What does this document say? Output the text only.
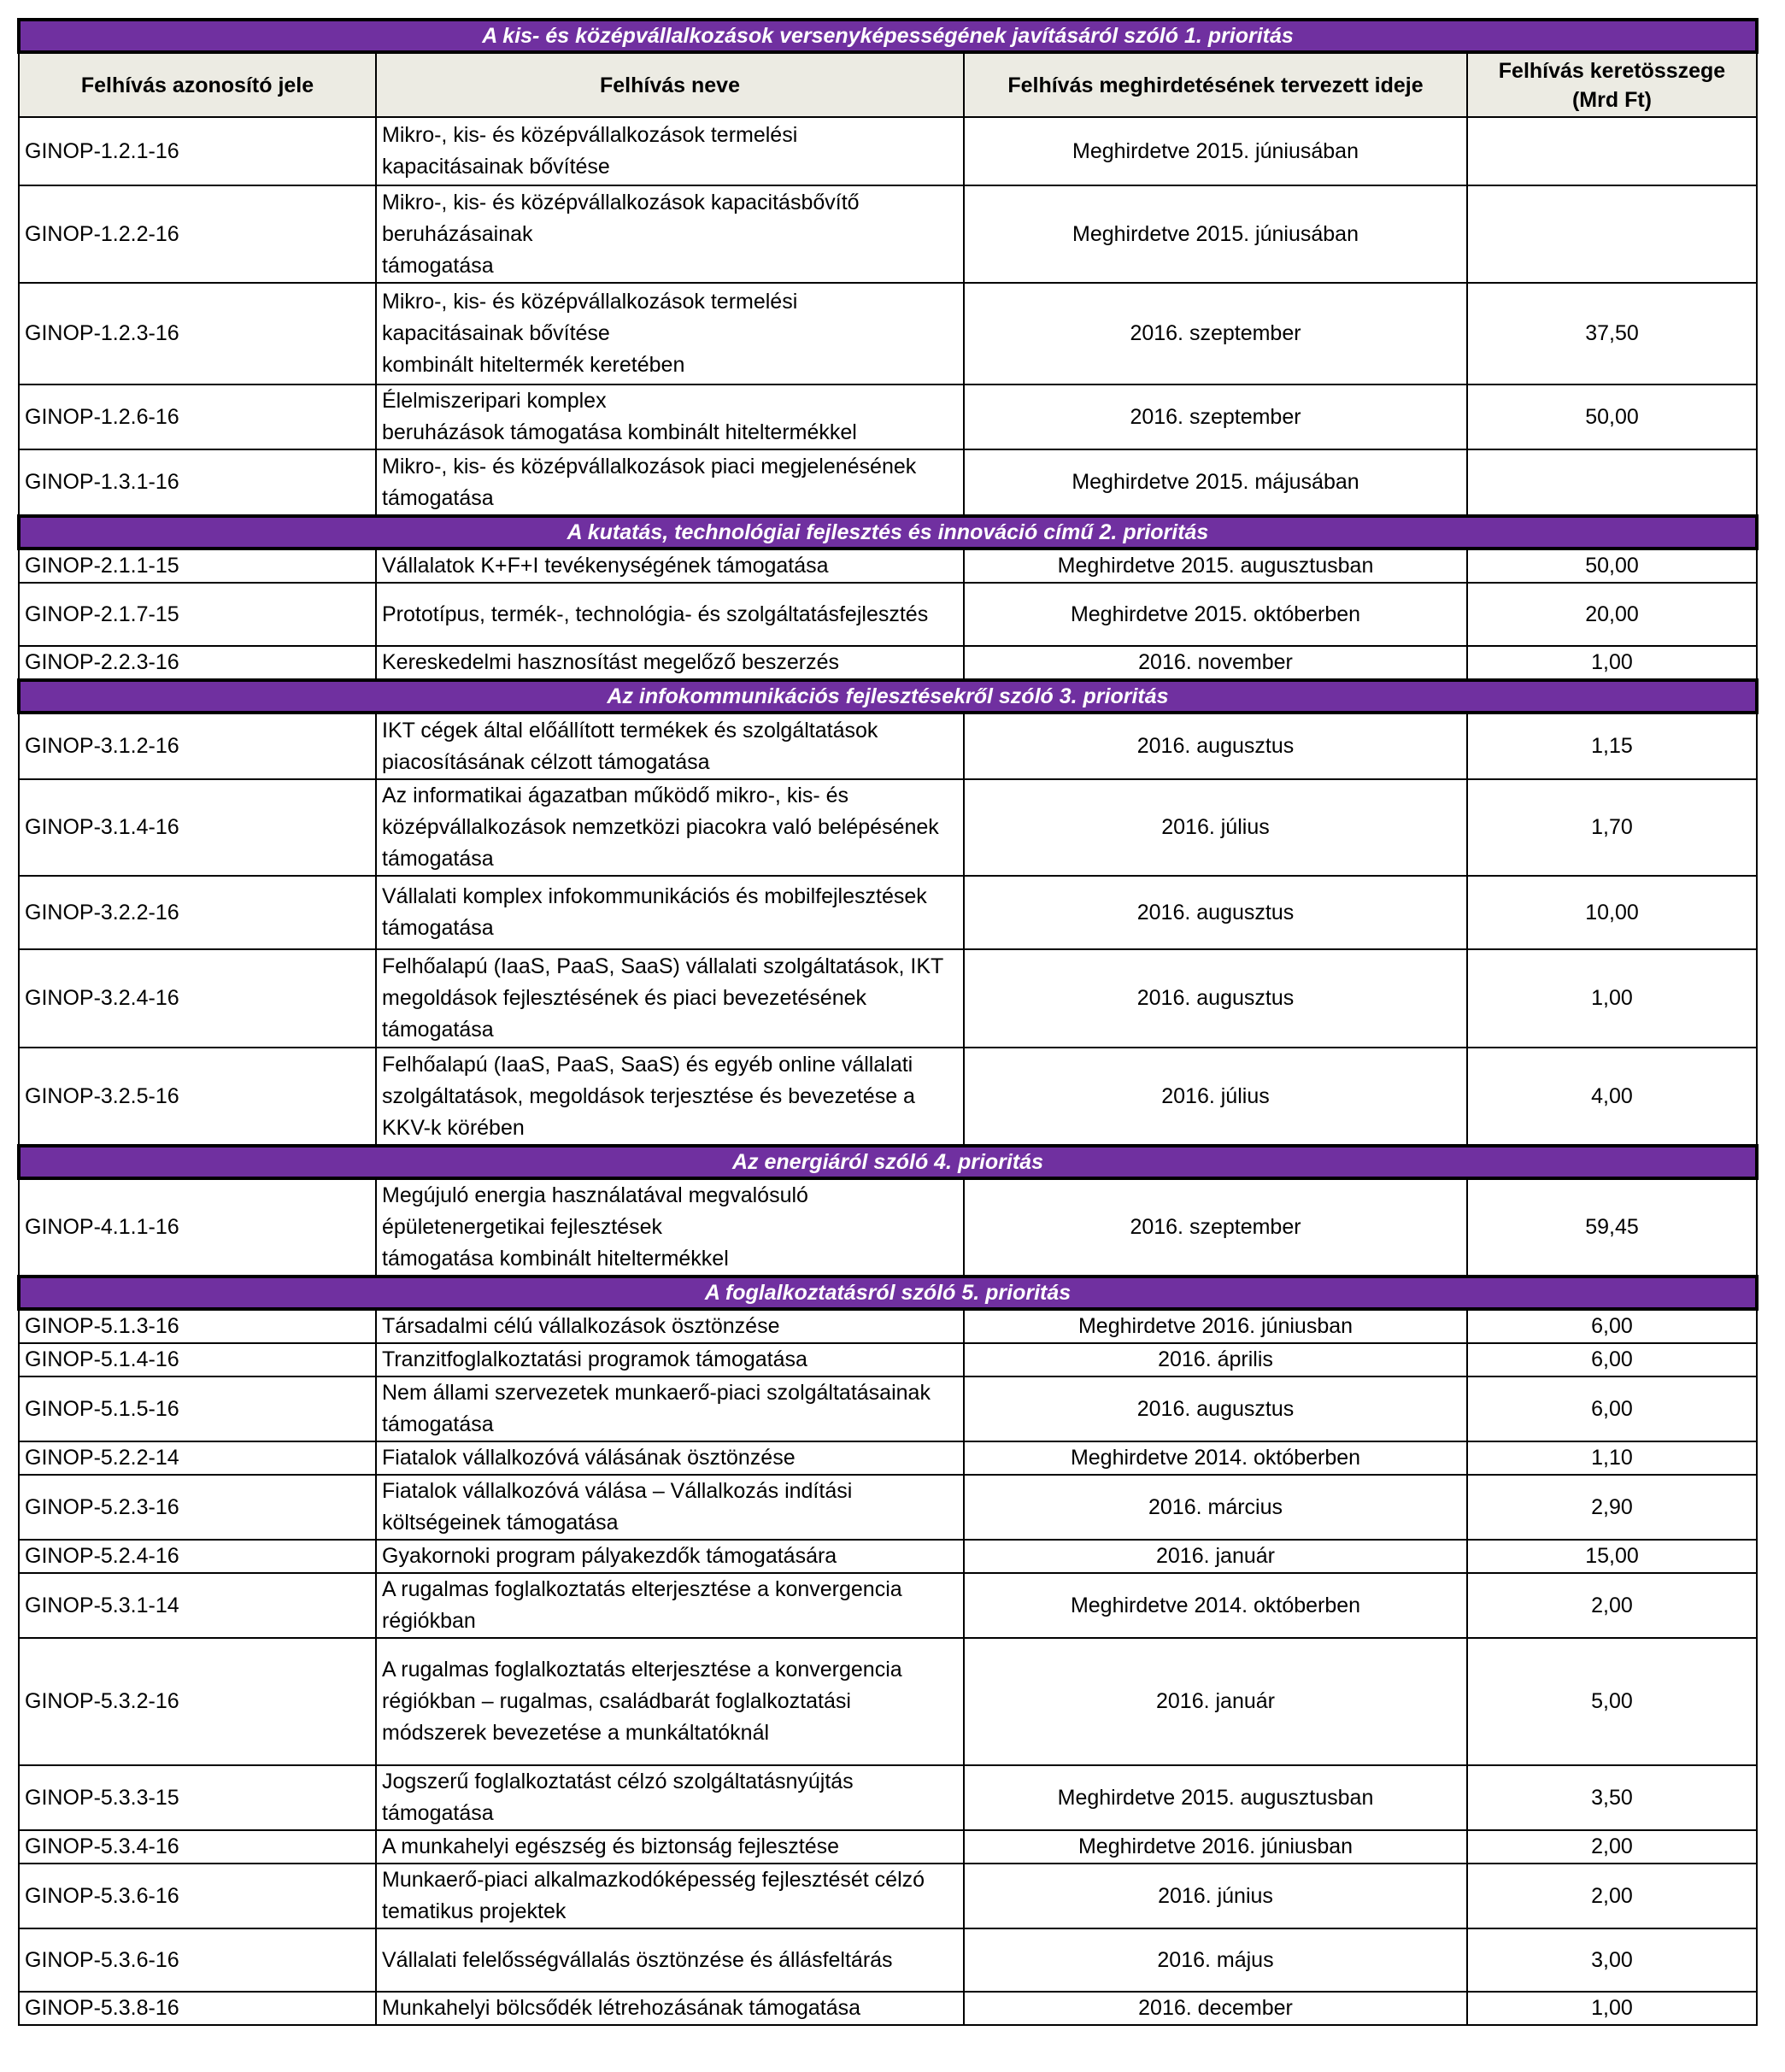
A kis- és középvállalkozások versenyképességének javításáról szóló 1. prioritás			
Felhívás azonosító jele	Felhívás neve	Felhívás meghirdetésének tervezett ideje	Felhívás keretösszege
(Mrd Ft)
GINOP-1.2.1-16	Mikro-, kis- és középvállalkozások termelési
kapacitásainak bővítése	Meghirdetve 2015. júniusában	
GINOP-1.2.2-16	Mikro-, kis- és középvállalkozások kapacitásbővítő
beruházásainak
támogatása	Meghirdetve 2015. júniusában	
GINOP-1.2.3-16	Mikro-, kis- és középvállalkozások termelési
kapacitásainak bővítése
kombinált hiteltermék keretében	2016. szeptember	37,50
GINOP-1.2.6-16	Élelmiszeripari komplex
beruházások támogatása kombinált hiteltermékkel	2016. szeptember	50,00
GINOP-1.3.1-16	Mikro-, kis- és középvállalkozások piaci megjelenésének
támogatása	Meghirdetve 2015. májusában	
A kutatás, technológiai fejlesztés és innováció című 2. prioritás			
GINOP-2.1.1-15	Vállalatok K+F+I tevékenységének támogatása	Meghirdetve 2015. augusztusban	50,00
GINOP-2.1.7-15	Prototípus, termék-, technológia- és szolgáltatásfejlesztés	Meghirdetve 2015. októberben	20,00
GINOP-2.2.3-16	Kereskedelmi hasznosítást megelőző beszerzés	2016. november	1,00
Az infokommunikációs fejlesztésekről szóló 3. prioritás			
GINOP-3.1.2-16	IKT cégek által előállított termékek és szolgáltatások
piacosításának célzott támogatása	2016. augusztus	1,15
GINOP-3.1.4-16	Az informatikai ágazatban működő mikro-, kis- és
középvállalkozások nemzetközi piacokra való belépésének
támogatása	2016. július	1,70
GINOP-3.2.2-16	Vállalati komplex infokommunikációs és mobilfejlesztések
támogatása	2016. augusztus	10,00
GINOP-3.2.4-16	Felhőalapú (IaaS, PaaS, SaaS) vállalati szolgáltatások, IKT
megoldások fejlesztésének és piaci bevezetésének
támogatása	2016. augusztus	1,00
GINOP-3.2.5-16	Felhőalapú (IaaS, PaaS, SaaS) és egyéb online vállalati
szolgáltatások, megoldások terjesztése és bevezetése a
KKV-k körében	2016. július	4,00
Az energiáról szóló 4. prioritás			
GINOP-4.1.1-16	Megújuló energia használatával megvalósuló
épületenergetikai fejlesztések
támogatása kombinált hiteltermékkel	2016. szeptember	59,45
A foglalkoztatásról szóló 5. prioritás			
GINOP-5.1.3-16	Társadalmi célú vállalkozások ösztönzése	Meghirdetve 2016. júniusban	6,00
GINOP-5.1.4-16	Tranzitfoglalkoztatási programok támogatása	2016. április	6,00
GINOP-5.1.5-16	Nem állami szervezetek munkaerő-piaci szolgáltatásainak
támogatása	2016. augusztus	6,00
GINOP-5.2.2-14	Fiatalok vállalkozóvá válásának ösztönzése	Meghirdetve 2014. októberben	1,10
GINOP-5.2.3-16	Fiatalok vállalkozóvá válása – Vállalkozás indítási
költségeinek támogatása	2016. március	2,90
GINOP-5.2.4-16	Gyakornoki program pályakezdők támogatására	2016. január	15,00
GINOP-5.3.1-14	A rugalmas foglalkoztatás elterjesztése a konvergencia
régiókban	Meghirdetve 2014. októberben	2,00
GINOP-5.3.2-16	A rugalmas foglalkoztatás elterjesztése a konvergencia
régiókban – rugalmas, családbarát foglalkoztatási
módszerek bevezetése a munkáltatóknál	2016. január	5,00
GINOP-5.3.3-15	Jogszerű foglalkoztatást célzó szolgáltatásnyújtás
támogatása	Meghirdetve 2015. augusztusban	3,50
GINOP-5.3.4-16	A munkahelyi egészség és biztonság fejlesztése	Meghirdetve 2016. júniusban	2,00
GINOP-5.3.6-16	Munkaerő-piaci alkalmazkodóképesség fejlesztését célzó
tematikus projektek	2016. június	2,00
GINOP-5.3.6-16	Vállalati felelősségvállalás ösztönzése és állásfeltárás	2016. május	3,00
GINOP-5.3.8-16	Munkahelyi bölcsődék létrehozásának támogatása	2016. december	1,00
